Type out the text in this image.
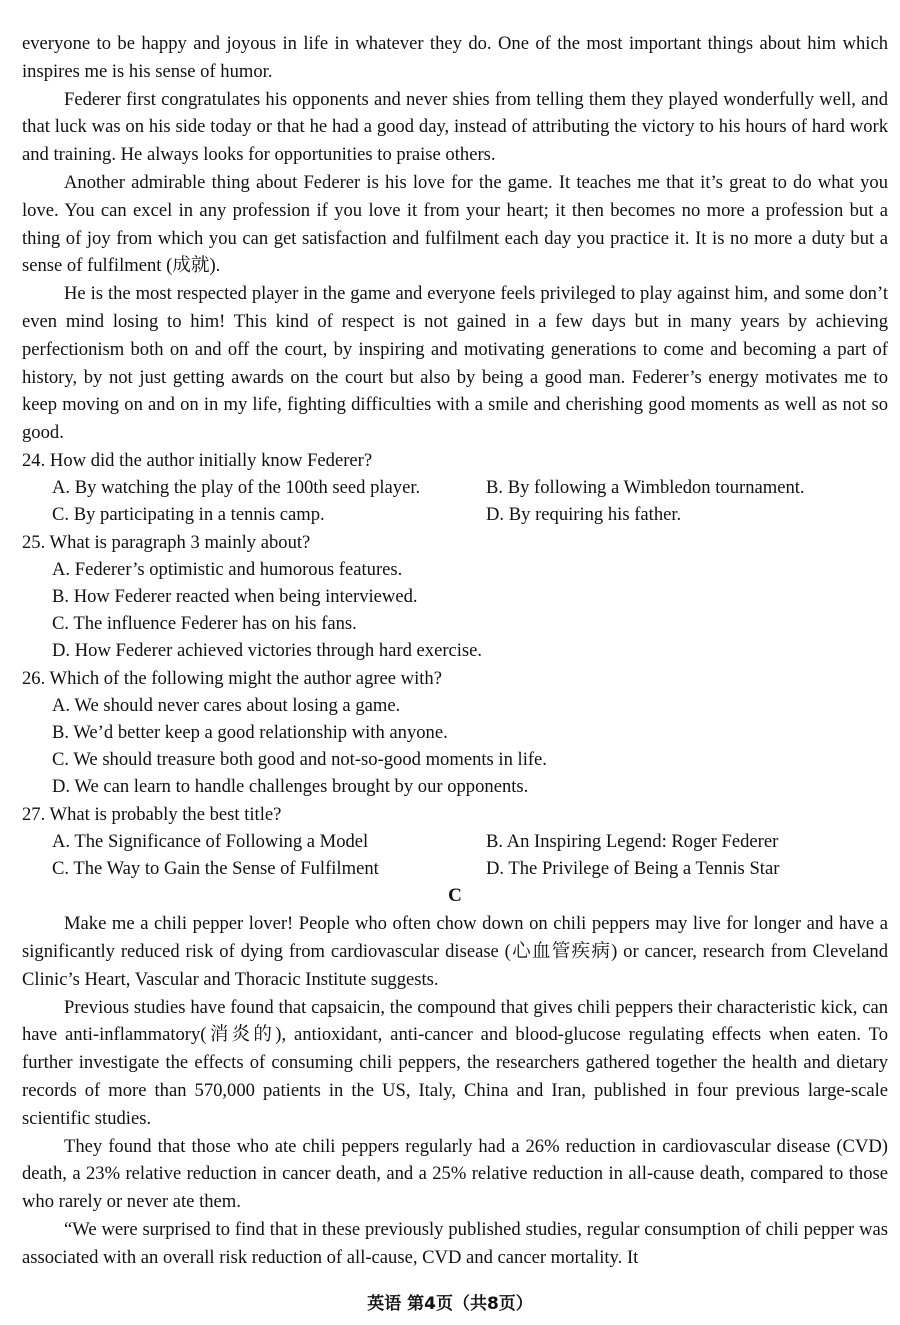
everyone to be happy and joyous in life in whatever they do. One of the most important things about him which inspires me is his sense of humor.

Federer first congratulates his opponents and never shies from telling them they played wonderfully well, and that luck was on his side today or that he had a good day, instead of attributing the victory to his hours of hard work and training. He always looks for opportunities to praise others.

Another admirable thing about Federer is his love for the game. It teaches me that it’s great to do what you love. You can excel in any profession if you love it from your heart; it then becomes no more a profession but a thing of joy from which you can get satisfaction and fulfilment each day you practice it. It is no more a duty but a sense of fulfilment (成就).

He is the most respected player in the game and everyone feels privileged to play against him, and some don’t even mind losing to him! This kind of respect is not gained in a few days but in many years by achieving perfectionism both on and off the court, by inspiring and motivating generations to come and becoming a part of history, by not just getting awards on the court but also by being a good man. Federer’s energy motivates me to keep moving on and on in my life, fighting difficulties with a smile and cherishing good moments as well as not so good.

24. How did the author initially know Federer?

A. By watching the play of the 100th seed player.	B. By following a Wimbledon tournament.
C. By participating in a tennis camp.	D. By requiring his father.

25. What is paragraph 3 mainly about?

A. Federer’s optimistic and humorous features.

B. How Federer reacted when being interviewed.

C. The influence Federer has on his fans.

D. How Federer achieved victories through hard exercise.

26. Which of the following might the author agree with?

A. We should never cares about losing a game.

B. We’d better keep a good relationship with anyone.

C. We should treasure both good and not-so-good moments in life.

D. We can learn to handle challenges brought by our opponents.

27. What is probably the best title?

A. The Significance of Following a Model	B. An Inspiring Legend: Roger Federer
C. The Way to Gain the Sense of Fulfilment	D. The Privilege of Being a Tennis Star

C

Make me a chili pepper lover! People who often chow down on chili peppers may live for longer and have a significantly reduced risk of dying from cardiovascular disease (心血管疾病) or cancer, research from Cleveland Clinic’s Heart, Vascular and Thoracic Institute suggests.

Previous studies have found that capsaicin, the compound that gives chili peppers their characteristic kick, can have anti-inflammatory(消炎的), antioxidant, anti-cancer and blood-glucose regulating effects when eaten. To further investigate the effects of consuming chili peppers, the researchers gathered together the health and dietary records of more than 570,000 patients in the US, Italy, China and Iran, published in four previous large-scale scientific studies.

They found that those who ate chili peppers regularly had a 26% reduction in cardiovascular disease (CVD) death, a 23% relative reduction in cancer death, and a 25% relative reduction in all-cause death, compared to those who rarely or never ate them.

“We were surprised to find that in these previously published studies, regular consumption of chili pepper was associated with an overall risk reduction of all-cause, CVD and cancer mortality. It

英语 第4页（共8页）
